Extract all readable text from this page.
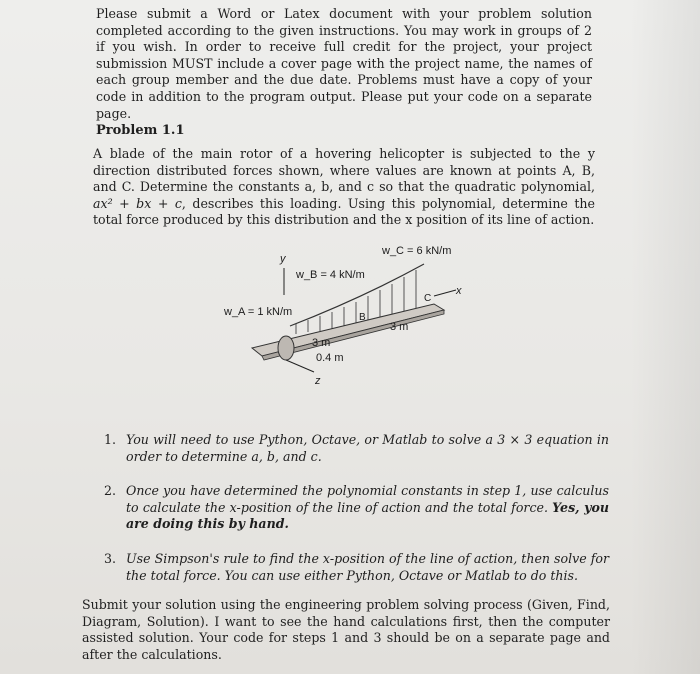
Please submit a Word or Latex document with your problem solution completed according to the given instructions. You may work in groups of 2 if you wish. In order to receive full credit for the project, your project submission MUST include a cover page with the project name, the names of each group member and the due date. Problems must have a copy of your code in addition to the program output. Please put your code on a separate page.

Problem 1.1

A blade of the main rotor of a hovering helicopter is subjected to the y direction distributed forces shown, where values are known at points A, B, and C. Determine the constants a, b, and c so that the quadratic polynomial, ax² + bx + c, describes this loading. Using this polynomial, determine the total force produced by this distribution and the x position of its line of action.

y
x
z
B
C
w_A = 1 kN/m
w_B = 4 kN/m
w_C = 6 kN/m
3 m
3 m
0.4 m
1. You will need to use Python, Octave, or Matlab to solve a 3 × 3 equation in order to determine a, b, and c.
2. Once you have determined the polynomial constants in step 1, use calculus to calculate the x-position of the line of action and the total force. Yes, you are doing this by hand.
3. Use Simpson's rule to find the x-position of the line of action, then solve for the total force. You can use either Python, Octave or Matlab to do this.

Submit your solution using the engineering problem solving process (Given, Find, Diagram, Solution). I want to see the hand calculations first, then the computer assisted solution. Your code for steps 1 and 3 should be on a separate page and after the calculations.
